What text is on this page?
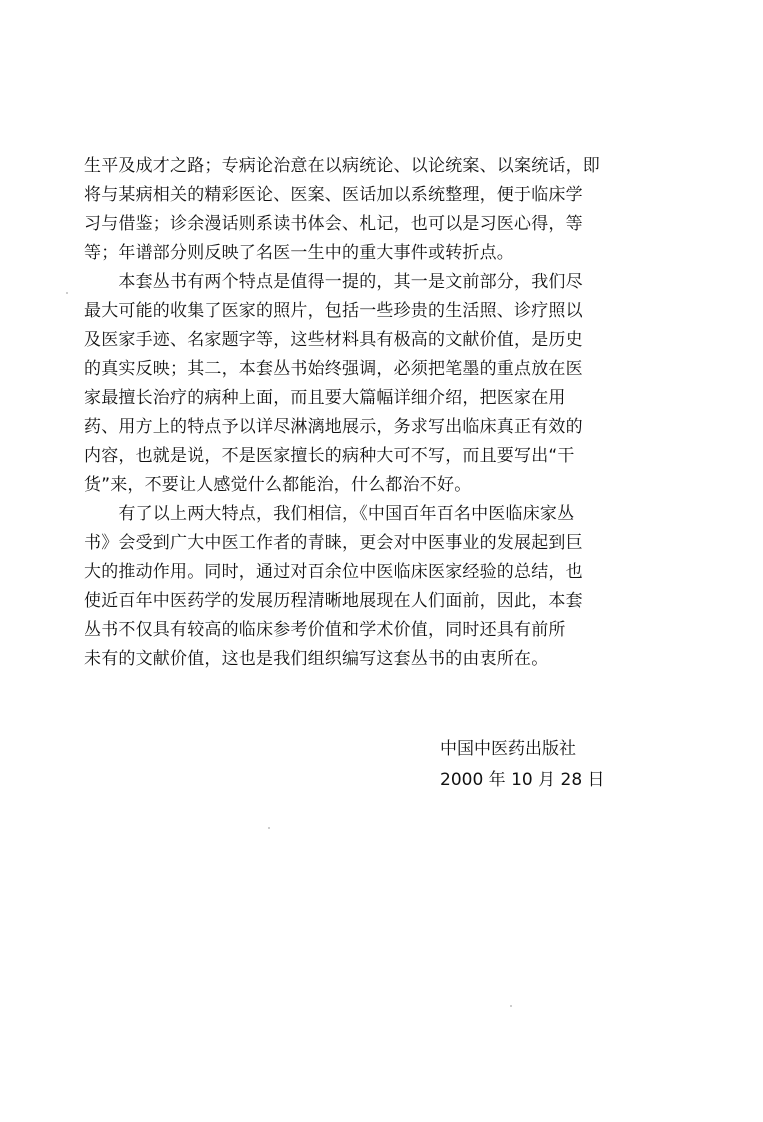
生平及成才之路；专病论治意在以病统论、以论统案、以案统话，即
将与某病相关的精彩医论、医案、医话加以系统整理，便于临床学
习与借鉴；诊余漫话则系读书体会、札记，也可以是习医心得，等
等；年谱部分则反映了名医一生中的重大事件或转折点。
　　本套丛书有两个特点是值得一提的，其一是文前部分，我们尽
最大可能的收集了医家的照片，包括一些珍贵的生活照、诊疗照以
及医家手迹、名家题字等，这些材料具有极高的文献价值，是历史
的真实反映；其二，本套丛书始终强调，必须把笔墨的重点放在医
家最擅长治疗的病种上面，而且要大篇幅详细介绍，把医家在用
药、用方上的特点予以详尽淋漓地展示，务求写出临床真正有效的
内容，也就是说，不是医家擅长的病种大可不写，而且要写出“干
货”来，不要让人感觉什么都能治，什么都治不好。
　　有了以上两大特点，我们相信，《中国百年百名中医临床家丛
书》会受到广大中医工作者的青睐，更会对中医事业的发展起到巨
大的推动作用。同时，通过对百余位中医临床医家经验的总结，也
使近百年中医药学的发展历程清晰地展现在人们面前，因此，本套
丛书不仅具有较高的临床参考价值和学术价值，同时还具有前所
未有的文献价值，这也是我们组织编写这套丛书的由衷所在。
中国中医药出版社
2000 年 10 月 28 日
